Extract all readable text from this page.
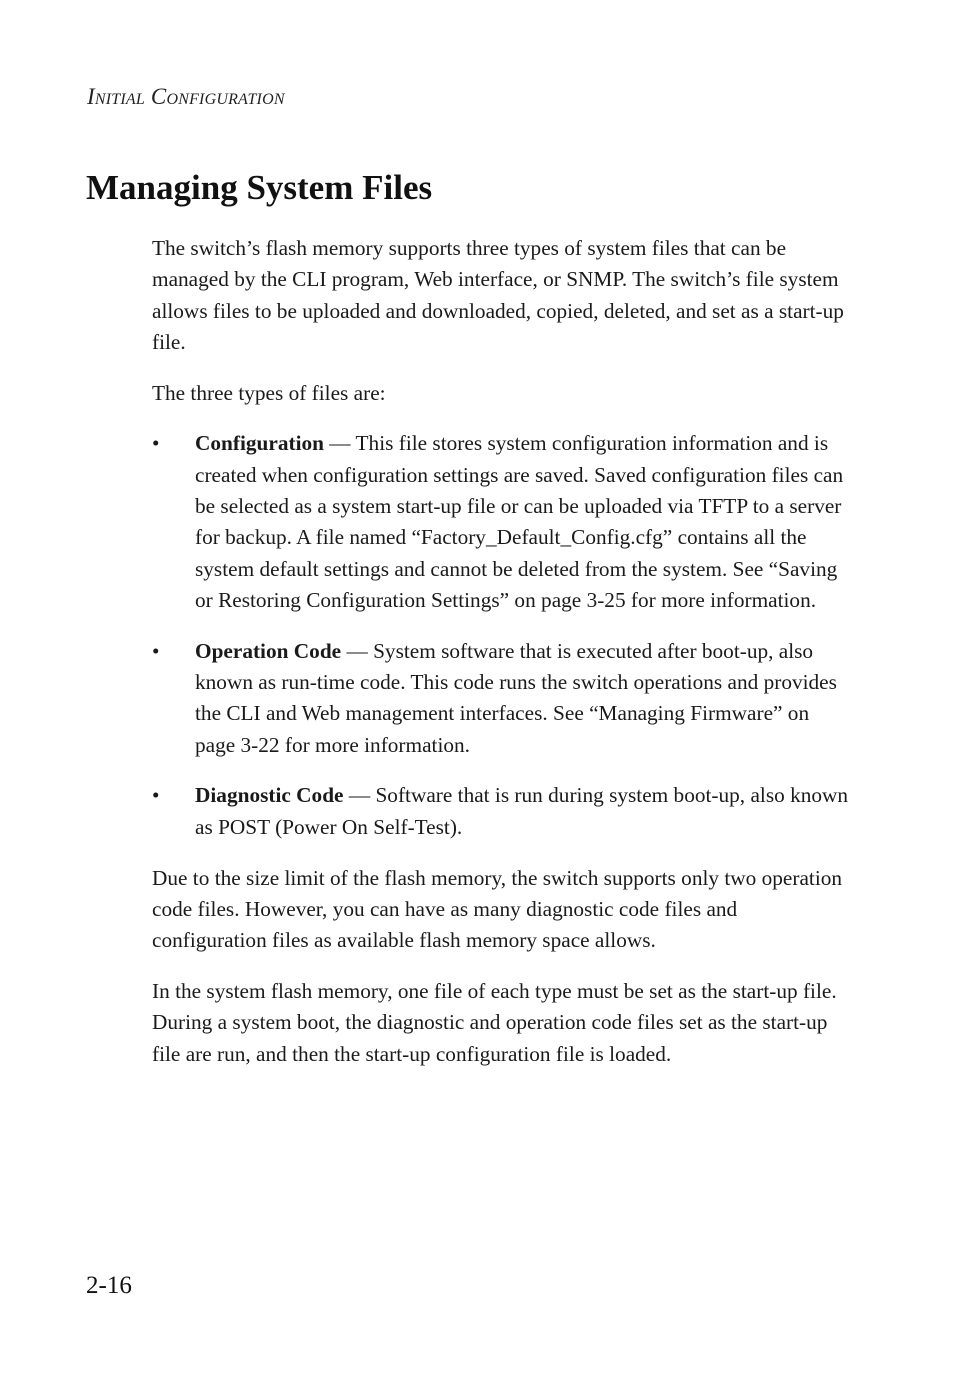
Initial Configuration
Managing System Files

The switch’s flash memory supports three types of system files that can be managed by the CLI program, Web interface, or SNMP. The switch’s file system allows files to be uploaded and downloaded, copied, deleted, and set as a start-up file.

The three types of files are:

• Configuration — This file stores system configuration information and is created when configuration settings are saved. Saved configuration files can be selected as a system start-up file or can be uploaded via TFTP to a server for backup. A file named “Factory_Default_Config.cfg” contains all the system default settings and cannot be deleted from the system. See “Saving or Restoring Configuration Settings” on page 3-25 for more information.
• Operation Code — System software that is executed after boot-up, also known as run-time code. This code runs the switch operations and provides the CLI and Web management interfaces. See “Managing Firmware” on page 3-22 for more information.
• Diagnostic Code — Software that is run during system boot-up, also known as POST (Power On Self-Test).

Due to the size limit of the flash memory, the switch supports only two operation code files. However, you can have as many diagnostic code files and configuration files as available flash memory space allows.

In the system flash memory, one file of each type must be set as the start-up file. During a system boot, the diagnostic and operation code files set as the start-up file are run, and then the start-up configuration file is loaded.

2-16
